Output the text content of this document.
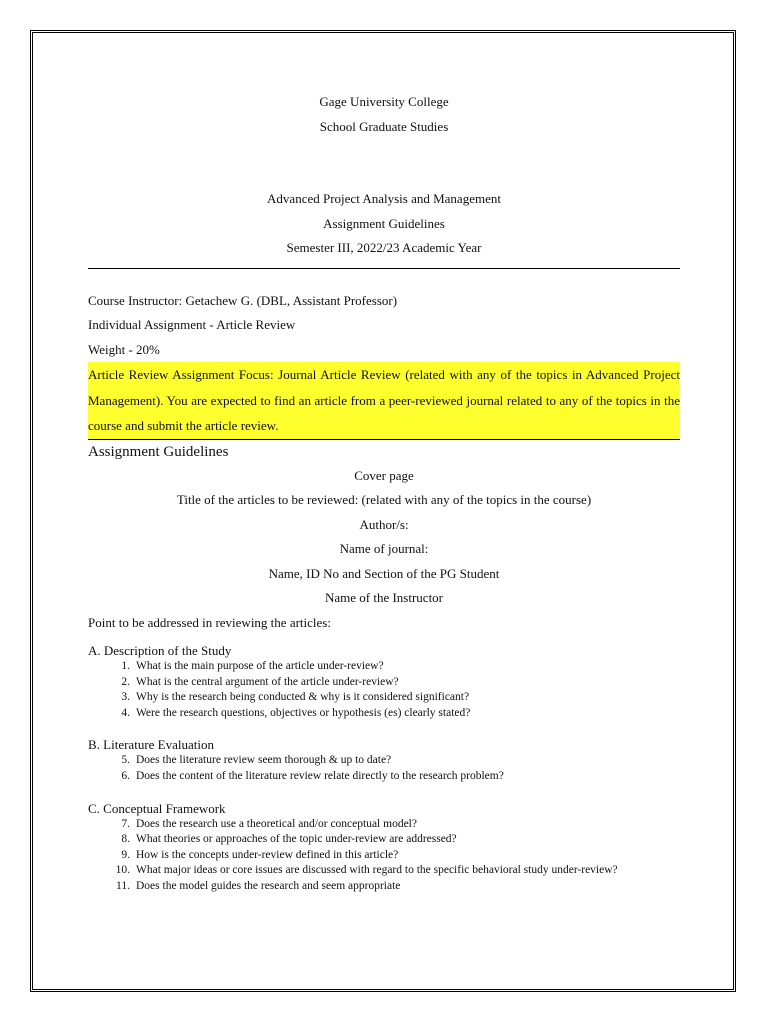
Gage University College
School Graduate Studies
Advanced Project Analysis and Management
Assignment Guidelines
Semester III, 2022/23 Academic Year
Course Instructor: Getachew G. (DBL, Assistant Professor)
Individual Assignment - Article Review
Weight - 20%
Article Review Assignment Focus: Journal Article Review (related with any of the topics in Advanced Project Management). You are expected to find an article from a peer-reviewed journal related to any of the topics in the course and submit the article review.
Assignment Guidelines
Cover page
Title of the articles to be reviewed: (related with any of the topics in the course)
Author/s:
Name of journal:
Name, ID No and Section of the PG Student
Name of the Instructor
Point to be addressed in reviewing the articles:
A. Description of the Study
1. What is the main purpose of the article under-review?
2. What is the central argument of the article under-review?
3. Why is the research being conducted & why is it considered significant?
4. Were the research questions, objectives or hypothesis (es) clearly stated?
B. Literature Evaluation
5. Does the literature review seem thorough & up to date?
6. Does the content of the literature review relate directly to the research problem?
C. Conceptual Framework
7. Does the research use a theoretical and/or conceptual model?
8. What theories or approaches of the topic under-review are addressed?
9. How is the concepts under-review defined in this article?
10. What major ideas or core issues are discussed with regard to the specific behavioral study under-review?
11. Does the model guides the research and seem appropriate
